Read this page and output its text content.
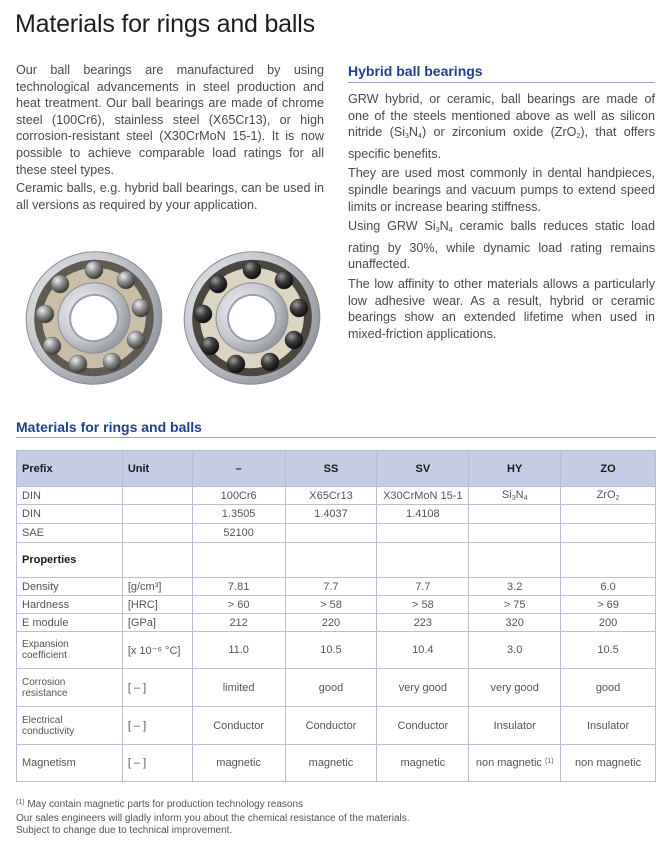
Materials for rings and balls

Our ball bearings are manufactured by using technological advancements in steel production and heat treatment. Our ball bearings are made of chrome steel (100Cr6), stainless steel (X65Cr13), or high corrosion-resistant steel (X30CrMoN 15-1). It is now possible to achieve comparable load ratings for all these steel types.

Ceramic balls, e.g. hybrid ball bearings, can be used in all versions as required by your application.

Hybrid ball bearings

GRW hybrid, or ceramic, ball bearings are made of one of the steels mentioned above as well as silicon nitride $(Si_3N_4)$ or zirconium oxide (ZrO$_2$), that offers specific benefits.

They are used most commonly in dental handpieces, spindle bearings and vacuum pumps to extend speed limits or increase bearing stiffness.

Using GRW $Si_3N_4$ ceramic balls reduces static load rating by 30%, while dynamic load rating remains unaffected.

The low affinity to other materials allows a particularly low adhesive wear. As a result, hybrid or ceramic bearings show an extended lifetime when used in mixed-friction applications.

Materials for rings and balls
Prefix	Unit	–	SS	SV	HY	ZO
DIN		100Cr6	X65Cr13	X30CrMoN 15-1	$Si_3N_4$	ZrO$_2$
DIN		1.3505	1.4037	1.4108		
SAE		52100				
Properties						
Density	[g/cm³]	7.81	7.7	7.7	3.2	6.0
Hardness	[HRC]	> 60	> 58	> 58	> 75	> 69
E module	[GPa]	212	220	223	320	200
Expansion
coefficient	[x 10⁻⁶ °C]	11.0	10.5	10.4	3.0	10.5
Corrosion
resistance	[ – ]	limited	good	very good	very good	good
Electrical
conductivity	[ – ]	Conductor	Conductor	Conductor	Insulator	Insulator
Magnetism	[ – ]	magnetic	magnetic	magnetic	non magnetic $^{(1)}$	non magnetic
$^{(1)}$ May contain magnetic parts for production technology reasons
Our sales engineers will gladly inform you about the chemical resistance of the materials.
Subject to change due to technical improvement.
